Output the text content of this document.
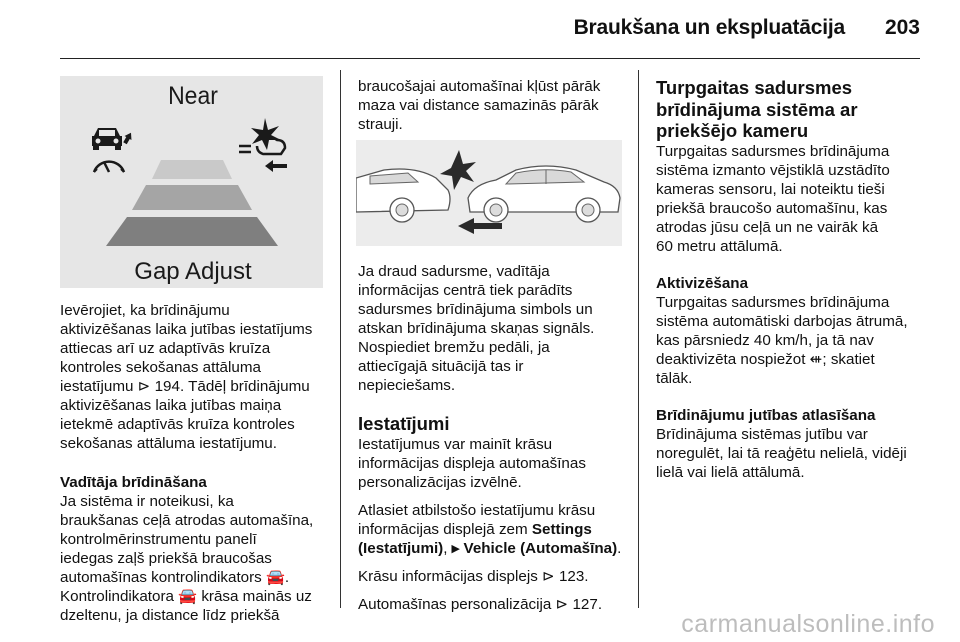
Braukšana un ekspluatācija	203
Near
Gap Adjust

Ievērojiet, ka brīdinājumu
aktivizēšanas laika jutības iestatījums
attiecas arī uz adaptīvās kruīza
kontroles sekošanas attāluma
iestatījumu ⊳ 194. Tādēļ brīdinājumu
aktivizēšanas laika jutības maiņa
ietekmē adaptīvās kruīza kontroles
sekošanas attāluma iestatījumu.

Vadītāja brīdināšana

Ja sistēma ir noteikusi, ka
braukšanas ceļā atrodas automašīna,
kontrolmērinstrumentu panelī
iedegas zaļš priekšā braucošas
automašīnas kontrolindikators 🚘.
Kontrolindikatora 🚘 krāsa mainās uz
dzeltenu, ja distance līdz priekšā

braucošajai automašīnai kļūst pārāk
maza vai distance samazinās pārāk
strauji.

Ja draud sadursme, vadītāja
informācijas centrā tiek parādīts
sadursmes brīdinājuma simbols un
atskan brīdinājuma skaņas signāls.
Nospiediet bremžu pedāli, ja
attiecīgajā situācijā tas ir
nepieciešams.

Iestatījumi

Iestatījumus var mainīt krāsu
informācijas displeja automašīnas
personalizācijas izvēlnē.

Atlasiet atbilstošo iestatījumu krāsu
informācijas displejā zem Settings
(Iestatījumi), ▸ Vehicle (Automašīna).

Krāsu informācijas displejs ⊳ 123.

Automašīnas personalizācija ⊳ 127.

Turpgaitas sadursmes
brīdinājuma sistēma ar
priekšējo kameru

Turpgaitas sadursmes brīdinājuma
sistēma izmanto vējstiklā uzstādīto
kameras sensoru, lai noteiktu tieši
priekšā braucošo automašīnu, kas
atrodas jūsu ceļā un ne vairāk kā
60 metru attālumā.

Aktivizēšana

Turpgaitas sadursmes brīdinājuma
sistēma automātiski darbojas ātrumā,
kas pārsniedz 40 km/h, ja tā nav
deaktivizēta nospiežot ⇺; skatiet
tālāk.

Brīdinājumu jutības atlasīšana

Brīdinājuma sistēmas jutību var
noregulēt, lai tā reaģētu nelielā, vidēji
lielā vai lielā attālumā.

carmanualsonline.info
